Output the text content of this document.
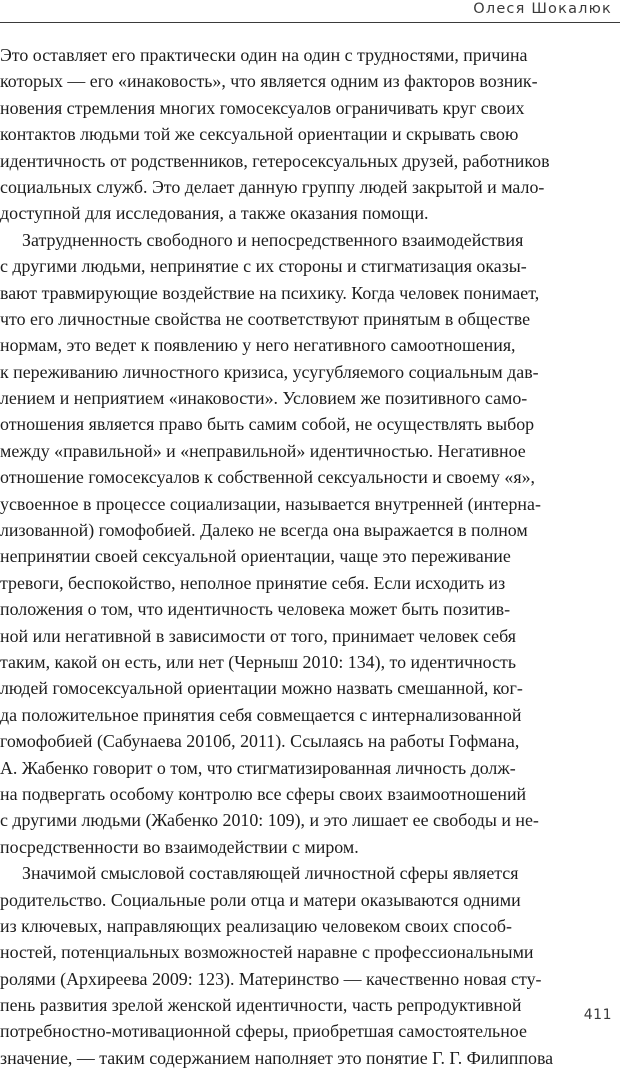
Олеся Шокалюк
Это оставляет его практически один на один с трудностями, причина
которых — его «инаковость», что является одним из факторов возник-
новения стремления многих гомосексуалов ограничивать круг своих
контактов людьми той же сексуальной ориентации и скрывать свою
идентичность от родственников, гетеросексуальных друзей, работников
социальных служб. Это делает данную группу людей закрытой и мало-
доступной для исследования, а также оказания помощи.
Затрудненность свободного и непосредственного взаимодействия
с другими людьми, непринятие с их стороны и стигматизация оказы-
вают травмирующие воздействие на психику. Когда человек понимает,
что его личностные свойства не соответствуют принятым в обществе
нормам, это ведет к появлению у него негативного самоотношения,
к переживанию личностного кризиса, усугубляемого социальным дав-
лением и неприятием «инаковости». Условием же позитивного само-
отношения является право быть самим собой, не осуществлять выбор
между «правильной» и «неправильной» идентичностью. Негативное
отношение гомосексуалов к собственной сексуальности и своему «я»,
усвоенное в процессе социализации, называется внутренней (интерна-
лизованной) гомофобией. Далеко не всегда она выражается в полном
непринятии своей сексуальной ориентации, чаще это переживание
тревоги, беспокойство, неполное принятие себя. Если исходить из
положения о том, что идентичность человека может быть позитив-
ной или негативной в зависимости от того, принимает человек себя
таким, какой он есть, или нет (Черныш 2010: 134), то идентичность
людей гомосексуальной ориентации можно назвать смешанной, ког-
да положительное принятия себя совмещается с интернализованной
гомофобией (Сабунаева 2010б, 2011). Ссылаясь на работы Гофмана,
А. Жабенко говорит о том, что стигматизированная личность долж-
на подвергать особому контролю все сферы своих взаимоотношений
с другими людьми (Жабенко 2010: 109), и это лишает ее свободы и не-
посредственности во взаимодействии с миром.
Значимой смысловой составляющей личностной сферы является
родительство. Социальные роли отца и матери оказываются одними
из ключевых, направляющих реализацию человеком своих способ-
ностей, потенциальных возможностей наравне с профессиональными
ролями (Архиреева 2009: 123). Материнство — качественно новая сту-
пень развития зрелой женской идентичности, часть репродуктивной
потребностно-мотивационной сферы, приобретшая самостоятельное
значение, — таким содержанием наполняет это понятие Г. Г. Филиппова
411
